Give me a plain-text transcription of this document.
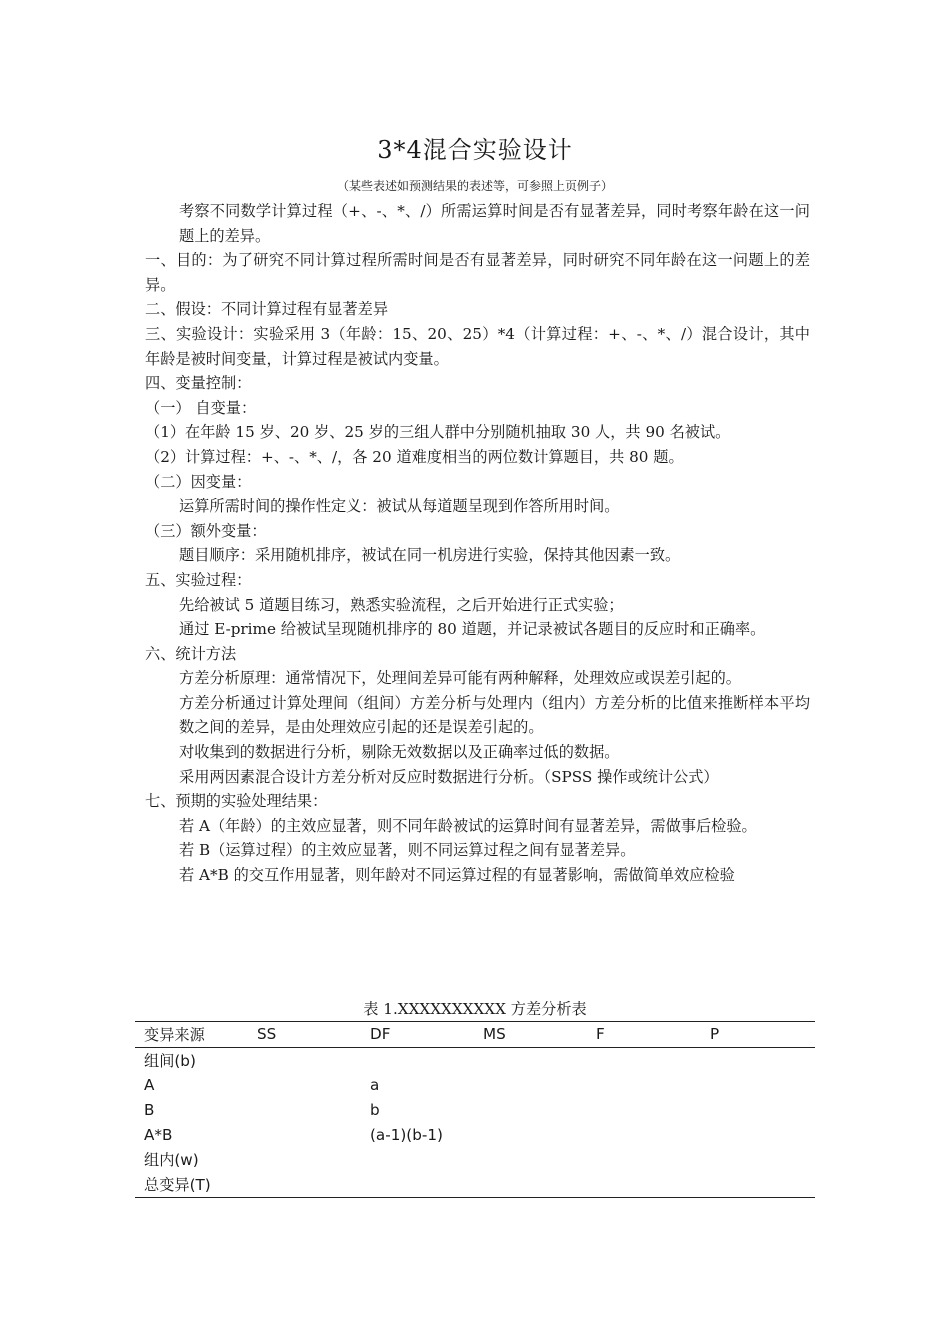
3*4混合实验设计
（某些表述如预测结果的表述等，可参照上页例子）

考察不同数学计算过程（+、-、*、/）所需运算时间是否有显著差异，同时考察年龄在这一问题上的差异。

一、目的：为了研究不同计算过程所需时间是否有显著差异，同时研究不同年龄在这一问题上的差异。

二、假设：不同计算过程有显著差异

三、实验设计：实验采用 3（年龄：15、20、25）*4（计算过程：+、-、*、/）混合设计，其中年龄是被时间变量，计算过程是被试内变量。

四、变量控制：

（一） 自变量：

（1）在年龄 15 岁、20 岁、25 岁的三组人群中分别随机抽取 30 人，共 90 名被试。

（2）计算过程：+、-、*、/，各 20 道难度相当的两位数计算题目，共 80 题。

（二）因变量：

运算所需时间的操作性定义：被试从每道题呈现到作答所用时间。

（三）额外变量：

题目顺序：采用随机排序，被试在同一机房进行实验，保持其他因素一致。

五、实验过程：

先给被试 5 道题目练习，熟悉实验流程，之后开始进行正式实验；

通过 E-prime 给被试呈现随机排序的 80 道题，并记录被试各题目的反应时和正确率。

六、统计方法

方差分析原理：通常情况下，处理间差异可能有两种解释，处理效应或误差引起的。

方差分析通过计算处理间（组间）方差分析与处理内（组内）方差分析的比值来推断样本平均数之间的差异，是由处理效应引起的还是误差引起的。

对收集到的数据进行分析，剔除无效数据以及正确率过低的数据。

采用两因素混合设计方差分析对反应时数据进行分析。（SPSS 操作或统计公式）

七、预期的实验处理结果：

若 A（年龄）的主效应显著，则不同年龄被试的运算时间有显著差异，需做事后检验。

若 B（运算过程）的主效应显著，则不同运算过程之间有显著差异。

若 A*B 的交互作用显著，则年龄对不同运算过程的有显著影响，需做简单效应检验

表 1.XXXXXXXXXX 方差分析表
变异来源	SS	DF	MS	F	P
组间(b)					
A		a			
B		b			
A*B		(a-1)(b-1)			
组内(w)					
总变异(T)					
